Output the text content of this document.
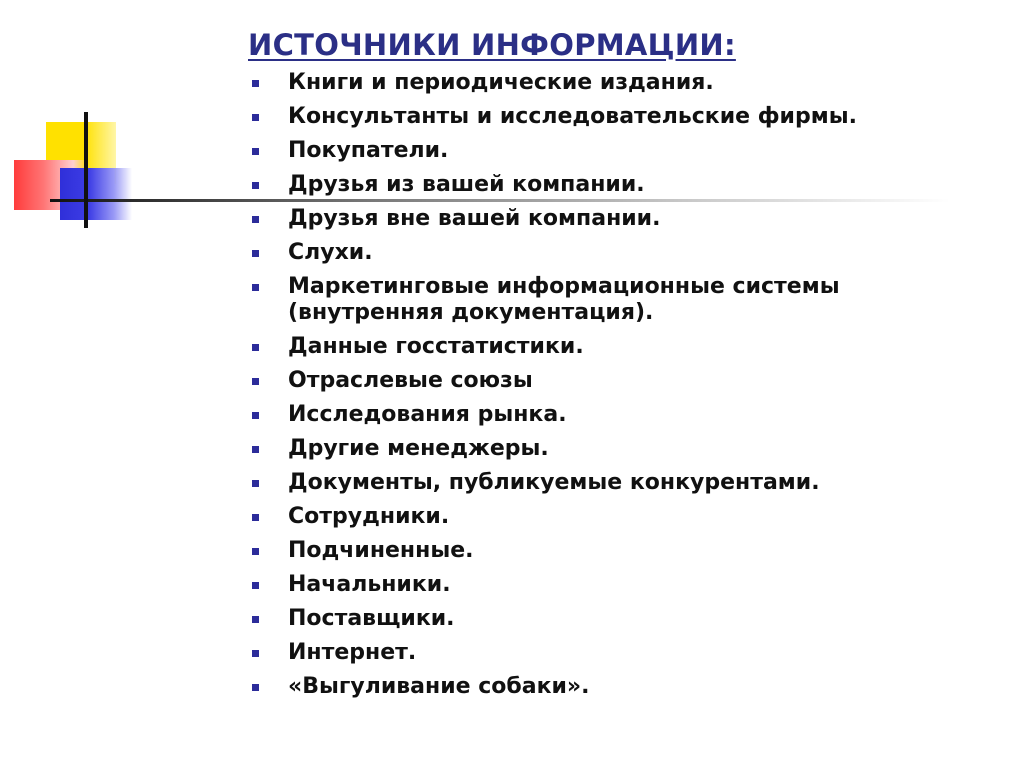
ИСТОЧНИКИ ИНФОРМАЦИИ:
Книги и периодические издания.
Консультанты и исследовательские фирмы.
Покупатели.
Друзья из вашей компании.
Друзья вне вашей компании.
Слухи.
Маркетинговые информационные системы (внутренняя документация).
Данные госстатистики.
Отраслевые союзы
Исследования рынка.
Другие менеджеры.
Документы, публикуемые конкурентами.
Сотрудники.
Подчиненные.
Начальники.
Поставщики.
Интернет.
«Выгуливание собаки».
